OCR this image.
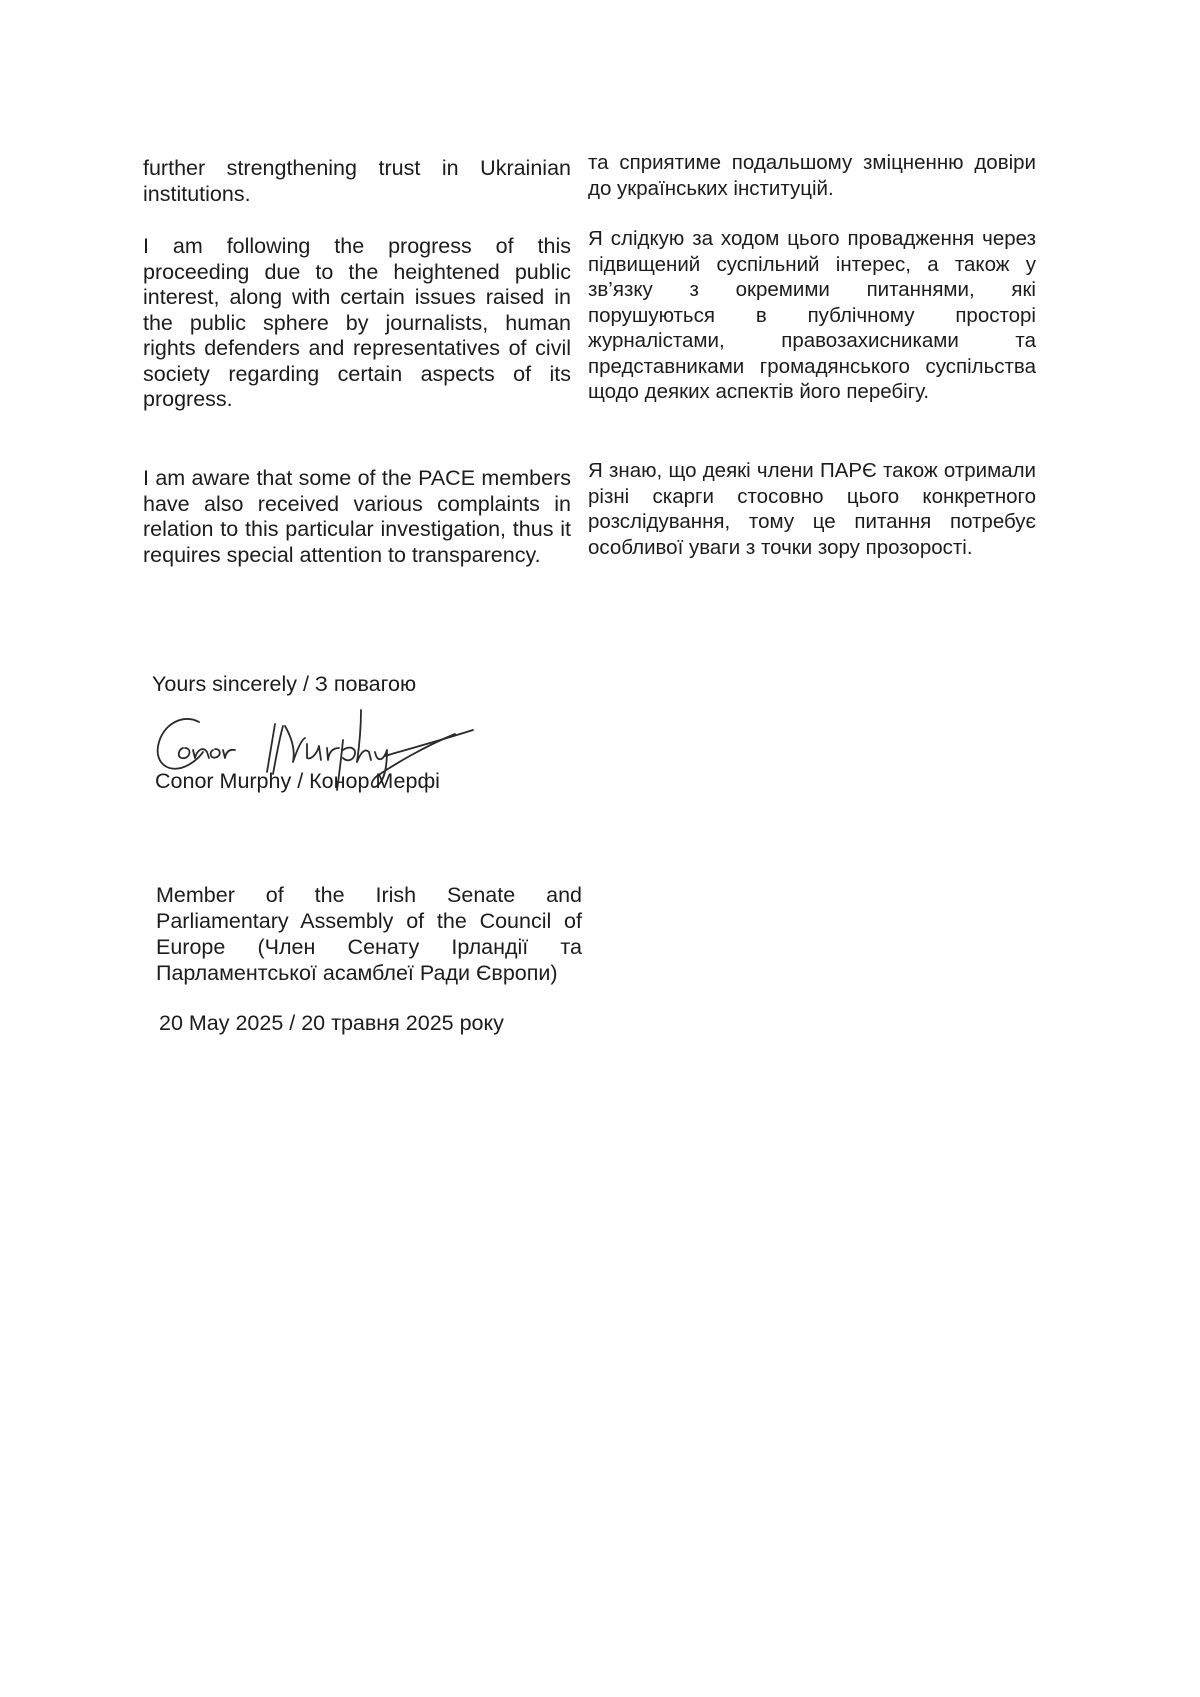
further strengthening trust in Ukrainian institutions.

та сприятиме подальшому зміцненню довіри до українських інституцій.

I am following the progress of this proceeding due to the heightened public interest, along with certain issues raised in the public sphere by journalists, human rights defenders and representatives of civil society regarding certain aspects of its progress.

Я слідкую за ходом цього провадження через підвищений суспільний інтерес, а також у зв’язку з окремими питаннями, які порушуються в публічному просторі журналістами, правозахисниками та представниками громадянського суспільства щодо деяких аспектів його перебігу.

I am aware that some of the PACE members have also received various complaints in relation to this particular investigation, thus it requires special attention to transparency.

Я знаю, що деякі члени ПАРЄ також отримали різні скарги стосовно цього конкретного розслідування, тому це питання потребує особливої уваги з точки зору прозорості.

Yours sincerely / З повагою

Conor Murphy / Конор Мерфі

Member of the Irish Senate and Parliamentary Assembly of the Council of Europe (Член Сенату Ірландії та Парламентської асамблеї Ради Європи)

20 May 2025 / 20 травня 2025 року
